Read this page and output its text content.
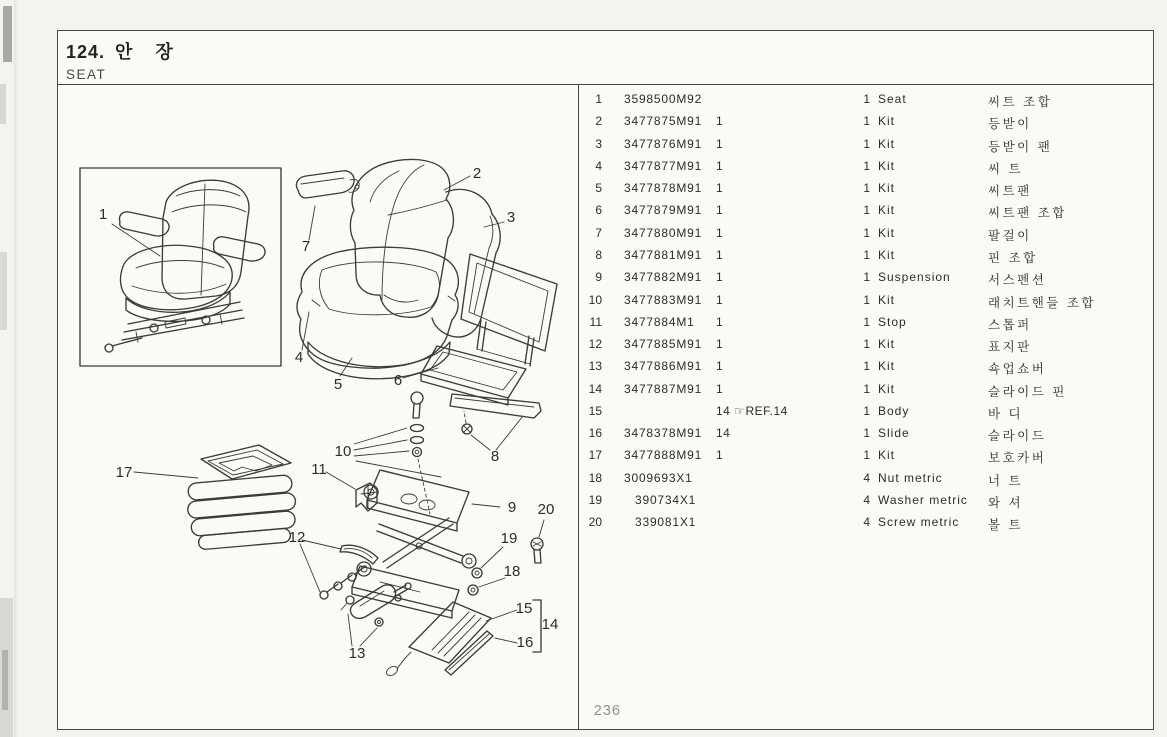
124. 안 장
SEAT
1
7
2
3
4
5	6
8
10
11
9 20
19
18
12
13
15
16
14
17
236
1 3598500M92	1 Seat	씨트 조합
2 3477875M91 1	1 Kit	등받이
3 3477876M91 1	1 Kit	등받이 팬
4 3477877M91 1	1 Kit	씨 트
5 3477878M91 1	1 Kit	씨트팬
6 3477879M91 1	1 Kit	씨트팬 조합
7 3477880M91 1	1 Kit	팔걸이
8 3477881M91 1	1 Kit	핀 조합
9 3477882M91 1	1 Suspension	서스펜션
10 3477883M91 1	1 Kit	래치트핸들 조합
11 3477884M1 1	1 Stop	스톱퍼
12 3477885M91 1	1 Kit	표지판
13 3477886M91 1	1 Kit	쇽업쇼버
14 3477887M91 1	1 Kit	슬라이드 핀
15	14 ☞REF.14	1 Body	바 디
16 3478378M91 14	1 Slide	슬라이드
17 3477888M91 1	1 Kit	보호카버
18 3009693X1	4 Nut metric	너 트
19	390734X1	4 Washer metric 와 셔
20	339081X1	4 Screw metric 볼 트
